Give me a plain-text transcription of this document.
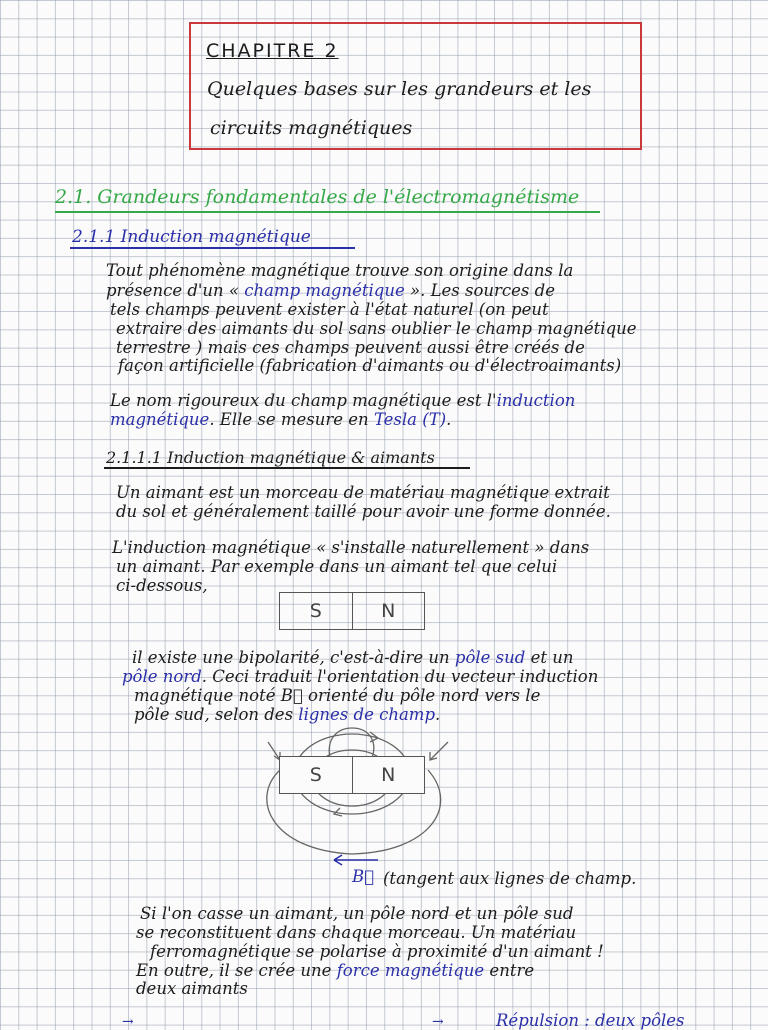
CHAPITRE 2
Quelques bases sur les grandeurs et les
circuits magnétiques
2.1. Grandeurs fondamentales de l'électromagnétisme
2.1.1 Induction magnétique
Tout phénomène magnétique trouve son origine dans la
présence d'un « champ magnétique ». Les sources de
tels champs peuvent exister à l'état naturel (on peut
extraire des aimants du sol sans oublier le champ magnétique
terrestre ) mais ces champs peuvent aussi être créés de
façon artificielle (fabrication d'aimants ou d'électroaimants)
Le nom rigoureux du champ magnétique est l'induction
magnétique. Elle se mesure en Tesla (T).
2.1.1.1 Induction magnétique & aimants
Un aimant est un morceau de matériau magnétique extrait
du sol et généralement taillé pour avoir une forme donnée.
L'induction magnétique « s'installe naturellement » dans
un aimant. Par exemple dans un aimant tel que celui
ci-dessous,
S	N
il existe une bipolarité, c'est-à-dire un pôle sud et un
pôle nord. Ceci traduit l'orientation du vecteur induction
magnétique noté B⃗ orienté du pôle nord vers le
pôle sud, selon des lignes de champ.
S	N
B⃗ (tangent aux lignes de champ.
Si l'on casse un aimant, un pôle nord et un pôle sud
se reconstituent dans chaque morceau. Un matériau
ferromagnétique se polarise à proximité d'un aimant !
En outre, il se crée une force magnétique entre
deux aimants
→	→	Répulsion : deux pôles
